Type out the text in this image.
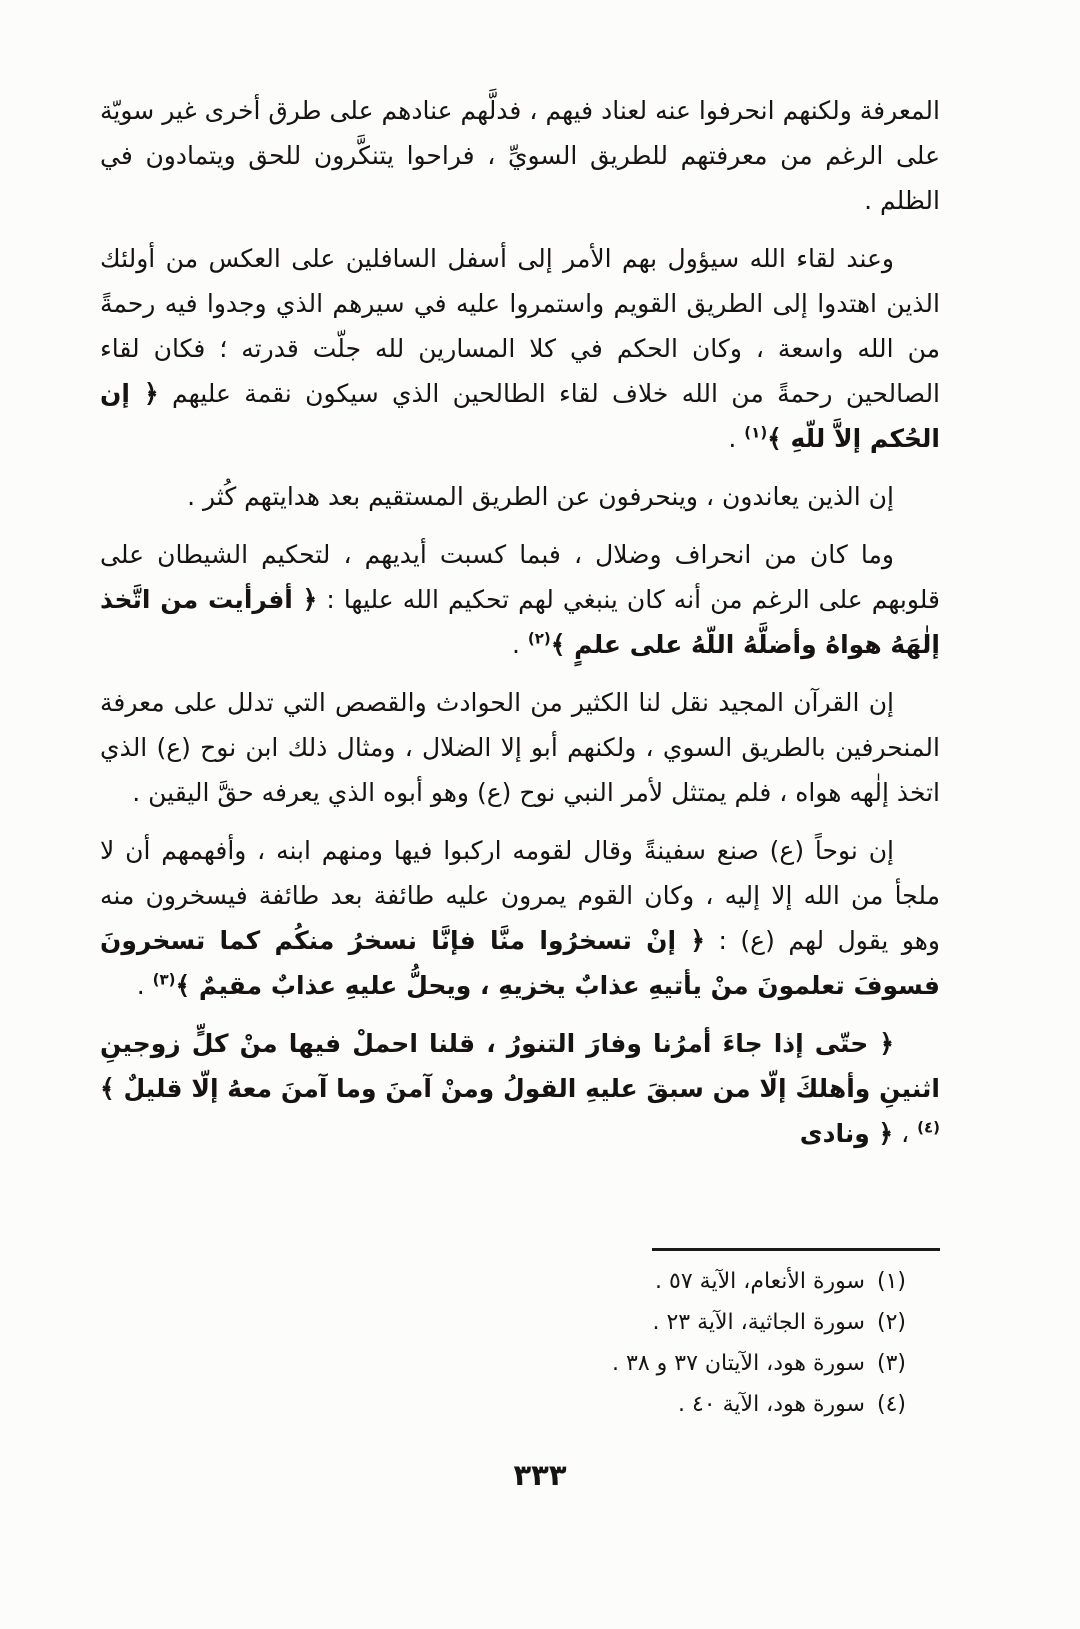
المعرفة ولكنهم انحرفوا عنه لعناد فيهم ، فدلَّهم عنادهم على طرق أخرى غير سويّة على الرغم من معرفتهم للطريق السويِّ ، فراحوا يتنكَّرون للحق ويتمادون في الظلم .

وعند لقاء الله سيؤول بهم الأمر إلى أسفل السافلين على العكس من أولئك الذين اهتدوا إلى الطريق القويم واستمروا عليه في سيرهم الذي وجدوا فيه رحمةً من الله واسعة ، وكان الحكم في كلا المسارين لله جلّت قدرته ؛ فكان لقاء الصالحين رحمةً من الله خلاف لقاء الطالحين الذي سيكون نقمة عليهم ﴿ إن الحُكم إلاَّ للّهِ ﴾$^{(١)}$ .

إن الذين يعاندون ، وينحرفون عن الطريق المستقيم بعد هدايتهم كُثر .

وما كان من انحراف وضلال ، فبما كسبت أيديهم ، لتحكيم الشيطان على قلوبهم على الرغم من أنه كان ينبغي لهم تحكيم الله عليها : ﴿ أفرأيت من اتَّخذ إلٰهَهُ هواهُ وأضلَّهُ اللّهُ على علمٍ ﴾$^{(٢)}$ .

إن القرآن المجيد نقل لنا الكثير من الحوادث والقصص التي تدلل على معرفة المنحرفين بالطريق السوي ، ولكنهم أبو إلا الضلال ، ومثال ذلك ابن نوح (ع) الذي اتخذ إلٰهه هواه ، فلم يمتثل لأمر النبي نوح (ع) وهو أبوه الذي يعرفه حقَّ اليقين .

إن نوحاً (ع) صنع سفينةً وقال لقومه اركبوا فيها ومنهم ابنه ، وأفهمهم أن لا ملجأ من الله إلا إليه ، وكان القوم يمرون عليه طائفة بعد طائفة فيسخرون منه وهو يقول لهم (ع) : ﴿ إنْ تسخرُوا منَّا فإنَّا نسخرُ منكُم كما تسخرونَ فسوفَ تعلمونَ منْ يأتيهِ عذابٌ يخزيهِ ، ويحلُّ عليهِ عذابٌ مقيمٌ ﴾$^{(٣)}$ .

﴿ حتّى إذا جاءَ أمرُنا وفارَ التنورُ ، قلنا احملْ فيها منْ كلٍّ زوجينِ اثنينِ وأهلكَ إلّا من سبقَ عليهِ القولُ ومنْ آمنَ وما آمنَ معهُ إلّا قليلٌ ﴾$^{(٤)}$ ، ﴿ ونادى

(١)
سورة الأنعام، الآية ٥٧ .
(٢)
سورة الجاثية، الآية ٢٣ .
(٣)
سورة هود، الآيتان ٣٧ و ٣٨ .
(٤)
سورة هود، الآية ٤٠ .
٣٣٣
